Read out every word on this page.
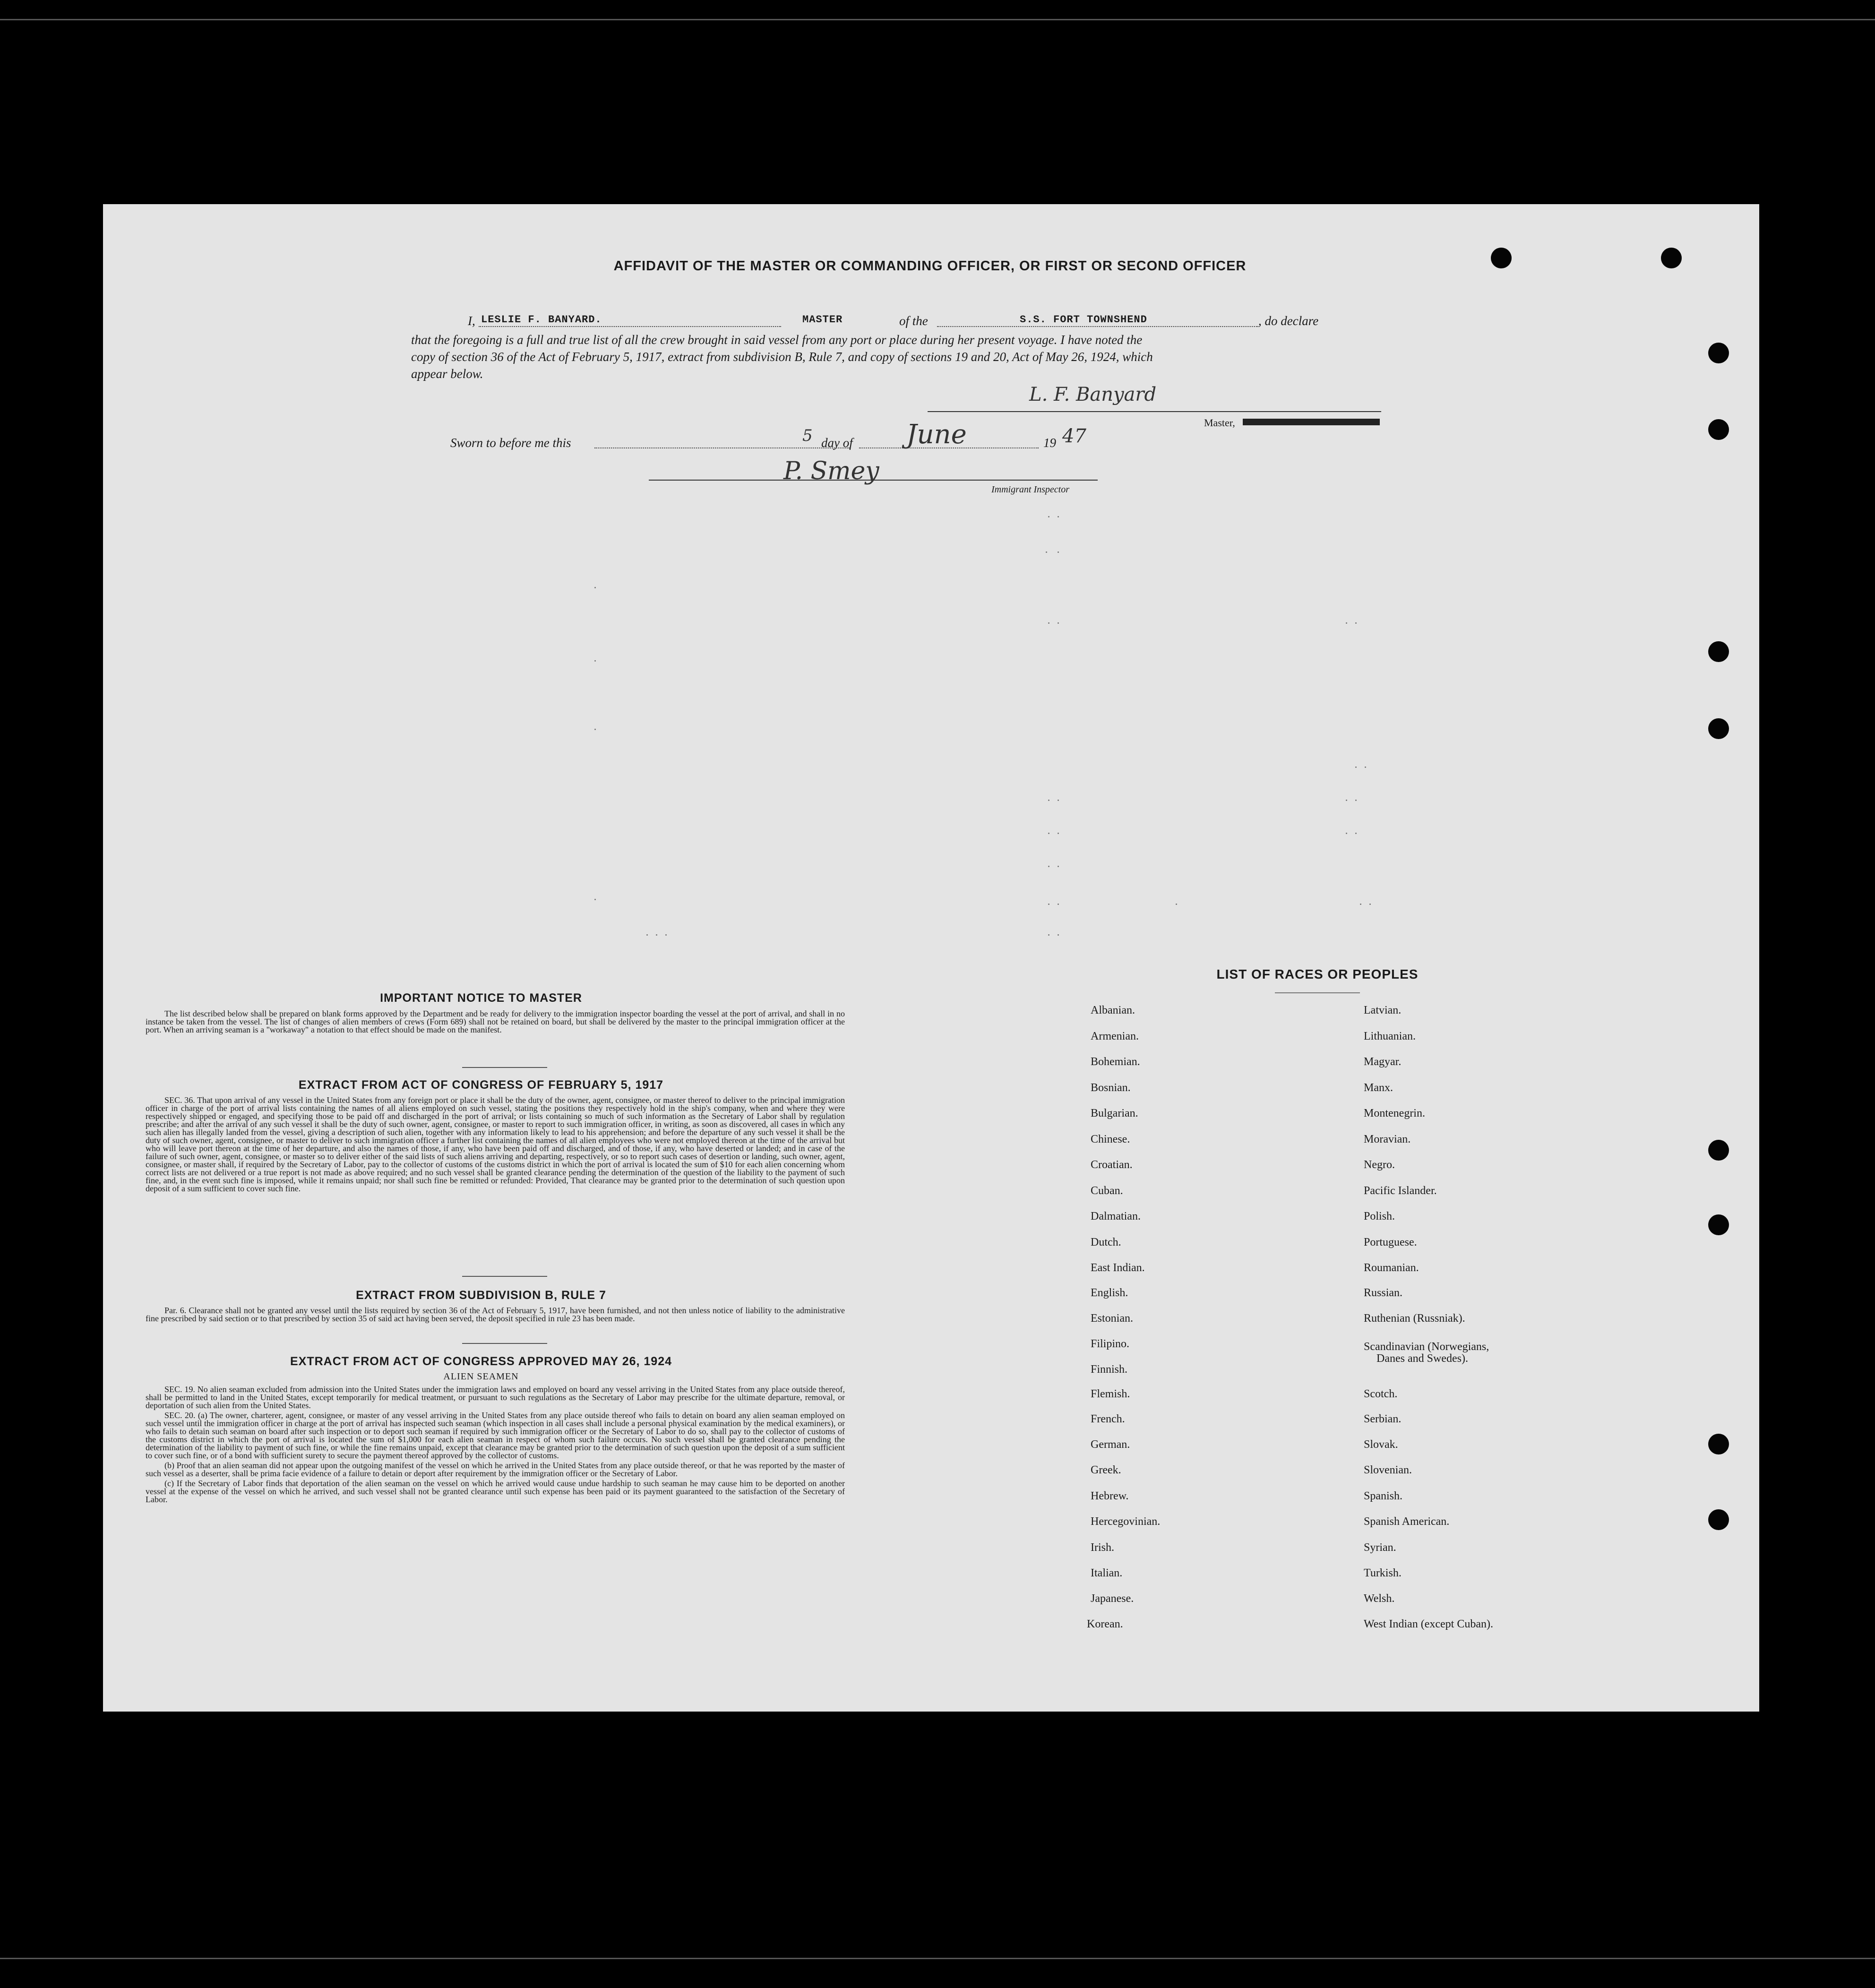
AFFIDAVIT OF THE MASTER OR COMMANDING OFFICER, OR FIRST OR SECOND OFFICER
I, LESLIE F. BANYARD.	MASTER	of the	S.S. FORT TOWNSHEND	, do declare
that the foregoing is a full and true list of all the crew brought in said vessel from any port or place during her present voyage. I have noted the
copy of section 36 of the Act of February 5, 1917, extract from subdivision B, Rule 7, and copy of sections 19 and 20, Act of May 26, 1924, which
appear below.
L. F. Banyard
Master,
Sworn to before me this	5 day of June	19 47
P. Smey
Immigrant Inspector
IMPORTANT NOTICE TO MASTER

The list described below shall be prepared on blank forms approved by the Department and be ready for delivery to the immigration inspector boarding the vessel at the port of arrival, and shall in no instance be taken from the vessel. The list of changes of alien members of crews (Form 689) shall not be retained on board, but shall be delivered by the master to the principal immigration officer at the port. When an arriving seaman is a "workaway" a notation to that effect should be made on the manifest.

EXTRACT FROM ACT OF CONGRESS OF FEBRUARY 5, 1917

SEC. 36. That upon arrival of any vessel in the United States from any foreign port or place it shall be the duty of the owner, agent, consignee, or master thereof to deliver to the principal immigration officer in charge of the port of arrival lists containing the names of all aliens employed on such vessel, stating the positions they respectively hold in the ship's company, when and where they were respectively shipped or engaged, and specifying those to be paid off and discharged in the port of arrival; or lists containing so much of such information as the Secretary of Labor shall by regulation prescribe; and after the arrival of any such vessel it shall be the duty of such owner, agent, consignee, or master to report to such immigration officer, in writing, as soon as discovered, all cases in which any such alien has illegally landed from the vessel, giving a description of such alien, together with any information likely to lead to his apprehension; and before the departure of any such vessel it shall be the duty of such owner, agent, consignee, or master to deliver to such immigration officer a further list containing the names of all alien employees who were not employed thereon at the time of the arrival but who will leave port thereon at the time of her departure, and also the names of those, if any, who have been paid off and discharged, and of those, if any, who have deserted or landed; and in case of the failure of such owner, agent, consignee, or master so to deliver either of the said lists of such aliens arriving and departing, respectively, or so to report such cases of desertion or landing, such owner, agent, consignee, or master shall, if required by the Secretary of Labor, pay to the collector of customs of the customs district in which the port of arrival is located the sum of $10 for each alien concerning whom correct lists are not delivered or a true report is not made as above required; and no such vessel shall be granted clearance pending the determination of the question of the liability to the payment of such fine, and, in the event such fine is imposed, while it remains unpaid; nor shall such fine be remitted or refunded: Provided, That clearance may be granted prior to the determination of such question upon deposit of a sum sufficient to cover such fine.

EXTRACT FROM SUBDIVISION B, RULE 7

Par. 6. Clearance shall not be granted any vessel until the lists required by section 36 of the Act of February 5, 1917, have been furnished, and not then unless notice of liability to the administrative fine prescribed by said section or to that prescribed by section 35 of said act having been served, the deposit specified in rule 23 has been made.

EXTRACT FROM ACT OF CONGRESS APPROVED MAY 26, 1924
ALIEN SEAMEN

SEC. 19. No alien seaman excluded from admission into the United States under the immigration laws and employed on board any vessel arriving in the United States from any place outside thereof, shall be permitted to land in the United States, except temporarily for medical treatment, or pursuant to such regulations as the Secretary of Labor may prescribe for the ultimate departure, removal, or deportation of such alien from the United States.

SEC. 20. (a) The owner, charterer, agent, consignee, or master of any vessel arriving in the United States from any place outside thereof who fails to detain on board any alien seaman employed on such vessel until the immigration officer in charge at the port of arrival has inspected such seaman (which inspection in all cases shall include a personal physical examination by the medical examiners), or who fails to detain such seaman on board after such inspection or to deport such seaman if required by such immigration officer or the Secretary of Labor to do so, shall pay to the collector of customs of the customs district in which the port of arrival is located the sum of $1,000 for each alien seaman in respect of whom such failure occurs. No such vessel shall be granted clearance pending the determination of the liability to payment of such fine, or while the fine remains unpaid, except that clearance may be granted prior to the determination of such question upon the deposit of a sum sufficient to cover such fine, or of a bond with sufficient surety to secure the payment thereof approved by the collector of customs.

(b) Proof that an alien seaman did not appear upon the outgoing manifest of the vessel on which he arrived in the United States from any place outside thereof, or that he was reported by the master of such vessel as a deserter, shall be prima facie evidence of a failure to detain or deport after requirement by the immigration officer or the Secretary of Labor.

(c) If the Secretary of Labor finds that deportation of the alien seaman on the vessel on which he arrived would cause undue hardship to such seaman he may cause him to be deported on another vessel at the expense of the vessel on which he arrived, and such vessel shall not be granted clearance until such expense has been paid or its payment guaranteed to the satisfaction of the Secretary of Labor.

LIST OF RACES OR PEOPLES
Albanian.
Armenian.
Bohemian.
Bosnian.
Bulgarian.
Chinese.
Croatian.
Cuban.
Dalmatian.
Dutch.
East Indian.
English.
Estonian.
Filipino.
Finnish.
Flemish.
French.
German.
Greek.
Hebrew.
Hercegovinian.
Irish.
Italian.
Japanese.
Korean.
Latvian.
Lithuanian.
Magyar.
Manx.
Montenegrin.
Moravian.
Negro.
Pacific Islander.
Polish.
Portuguese.
Roumanian.
Russian.
Ruthenian (Russniak).
Scandinavian (Norwegians,
Danes and Swedes).
Scotch.
Serbian.
Slovak.
Slovenian.
Spanish.
Spanish American.
Syrian.
Turkish.
Welsh.
West Indian (except Cuban).
